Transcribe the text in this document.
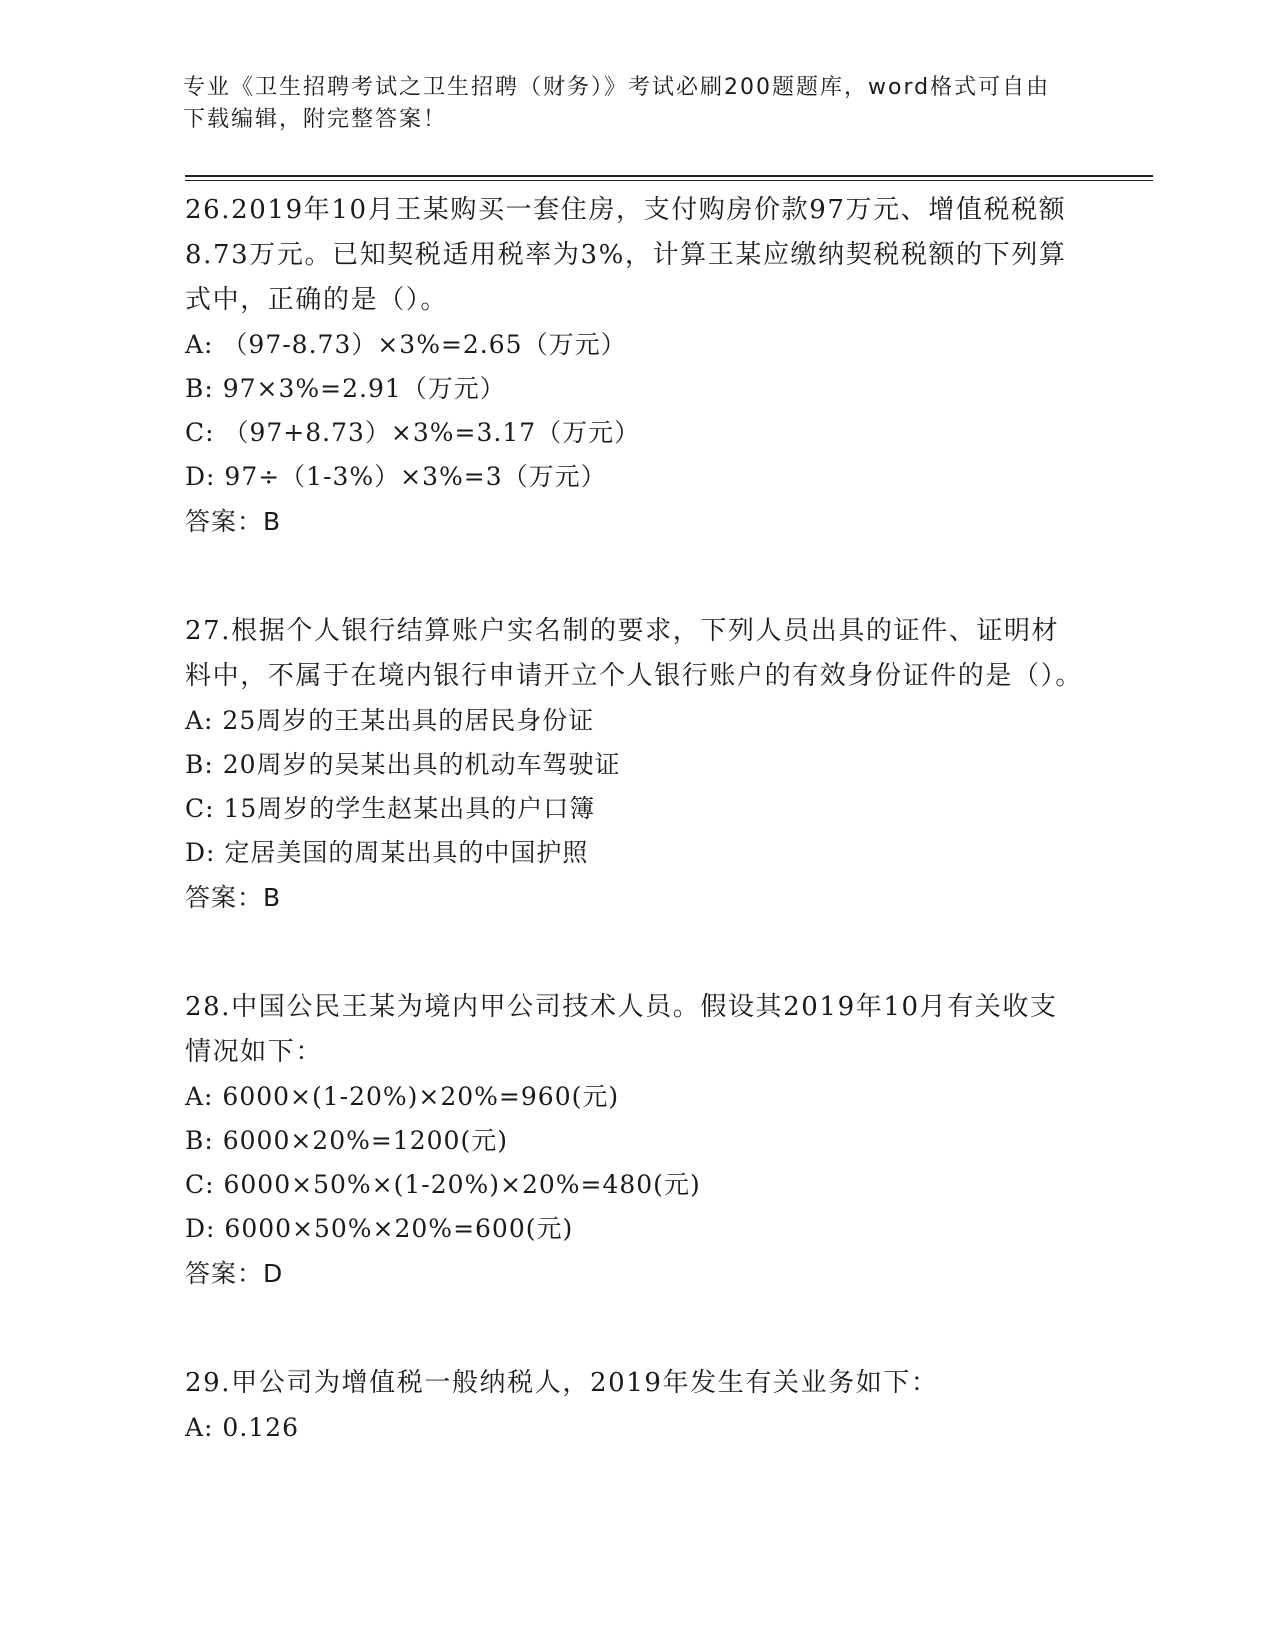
专业《卫生招聘考试之卫生招聘（财务）》考试必刷200题题库，word格式可自由下载编辑，附完整答案！
26.2019年10月王某购买一套住房，支付购房价款97万元、增值税税额8.73万元。已知契税适用税率为3%，计算王某应缴纳契税税额的下列算式中，正确的是（）。
A: （97-8.73）×3%=2.65（万元）
B: 97×3%=2.91（万元）
C: （97+8.73）×3%=3.17（万元）
D: 97÷（1-3%）×3%=3（万元）
答案：B
27.根据个人银行结算账户实名制的要求，下列人员出具的证件、证明材料中，不属于在境内银行申请开立个人银行账户的有效身份证件的是（）。
A: 25周岁的王某出具的居民身份证
B: 20周岁的吴某出具的机动车驾驶证
C: 15周岁的学生赵某出具的户口簿
D: 定居美国的周某出具的中国护照
答案：B
28.中国公民王某为境内甲公司技术人员。假设其2019年10月有关收支情况如下：
A: 6000×(1-20%)×20%=960(元)
B: 6000×20%=1200(元)
C: 6000×50%×(1-20%)×20%=480(元)
D: 6000×50%×20%=600(元)
答案：D
29.甲公司为增值税一般纳税人，2019年发生有关业务如下：
A: 0.126
